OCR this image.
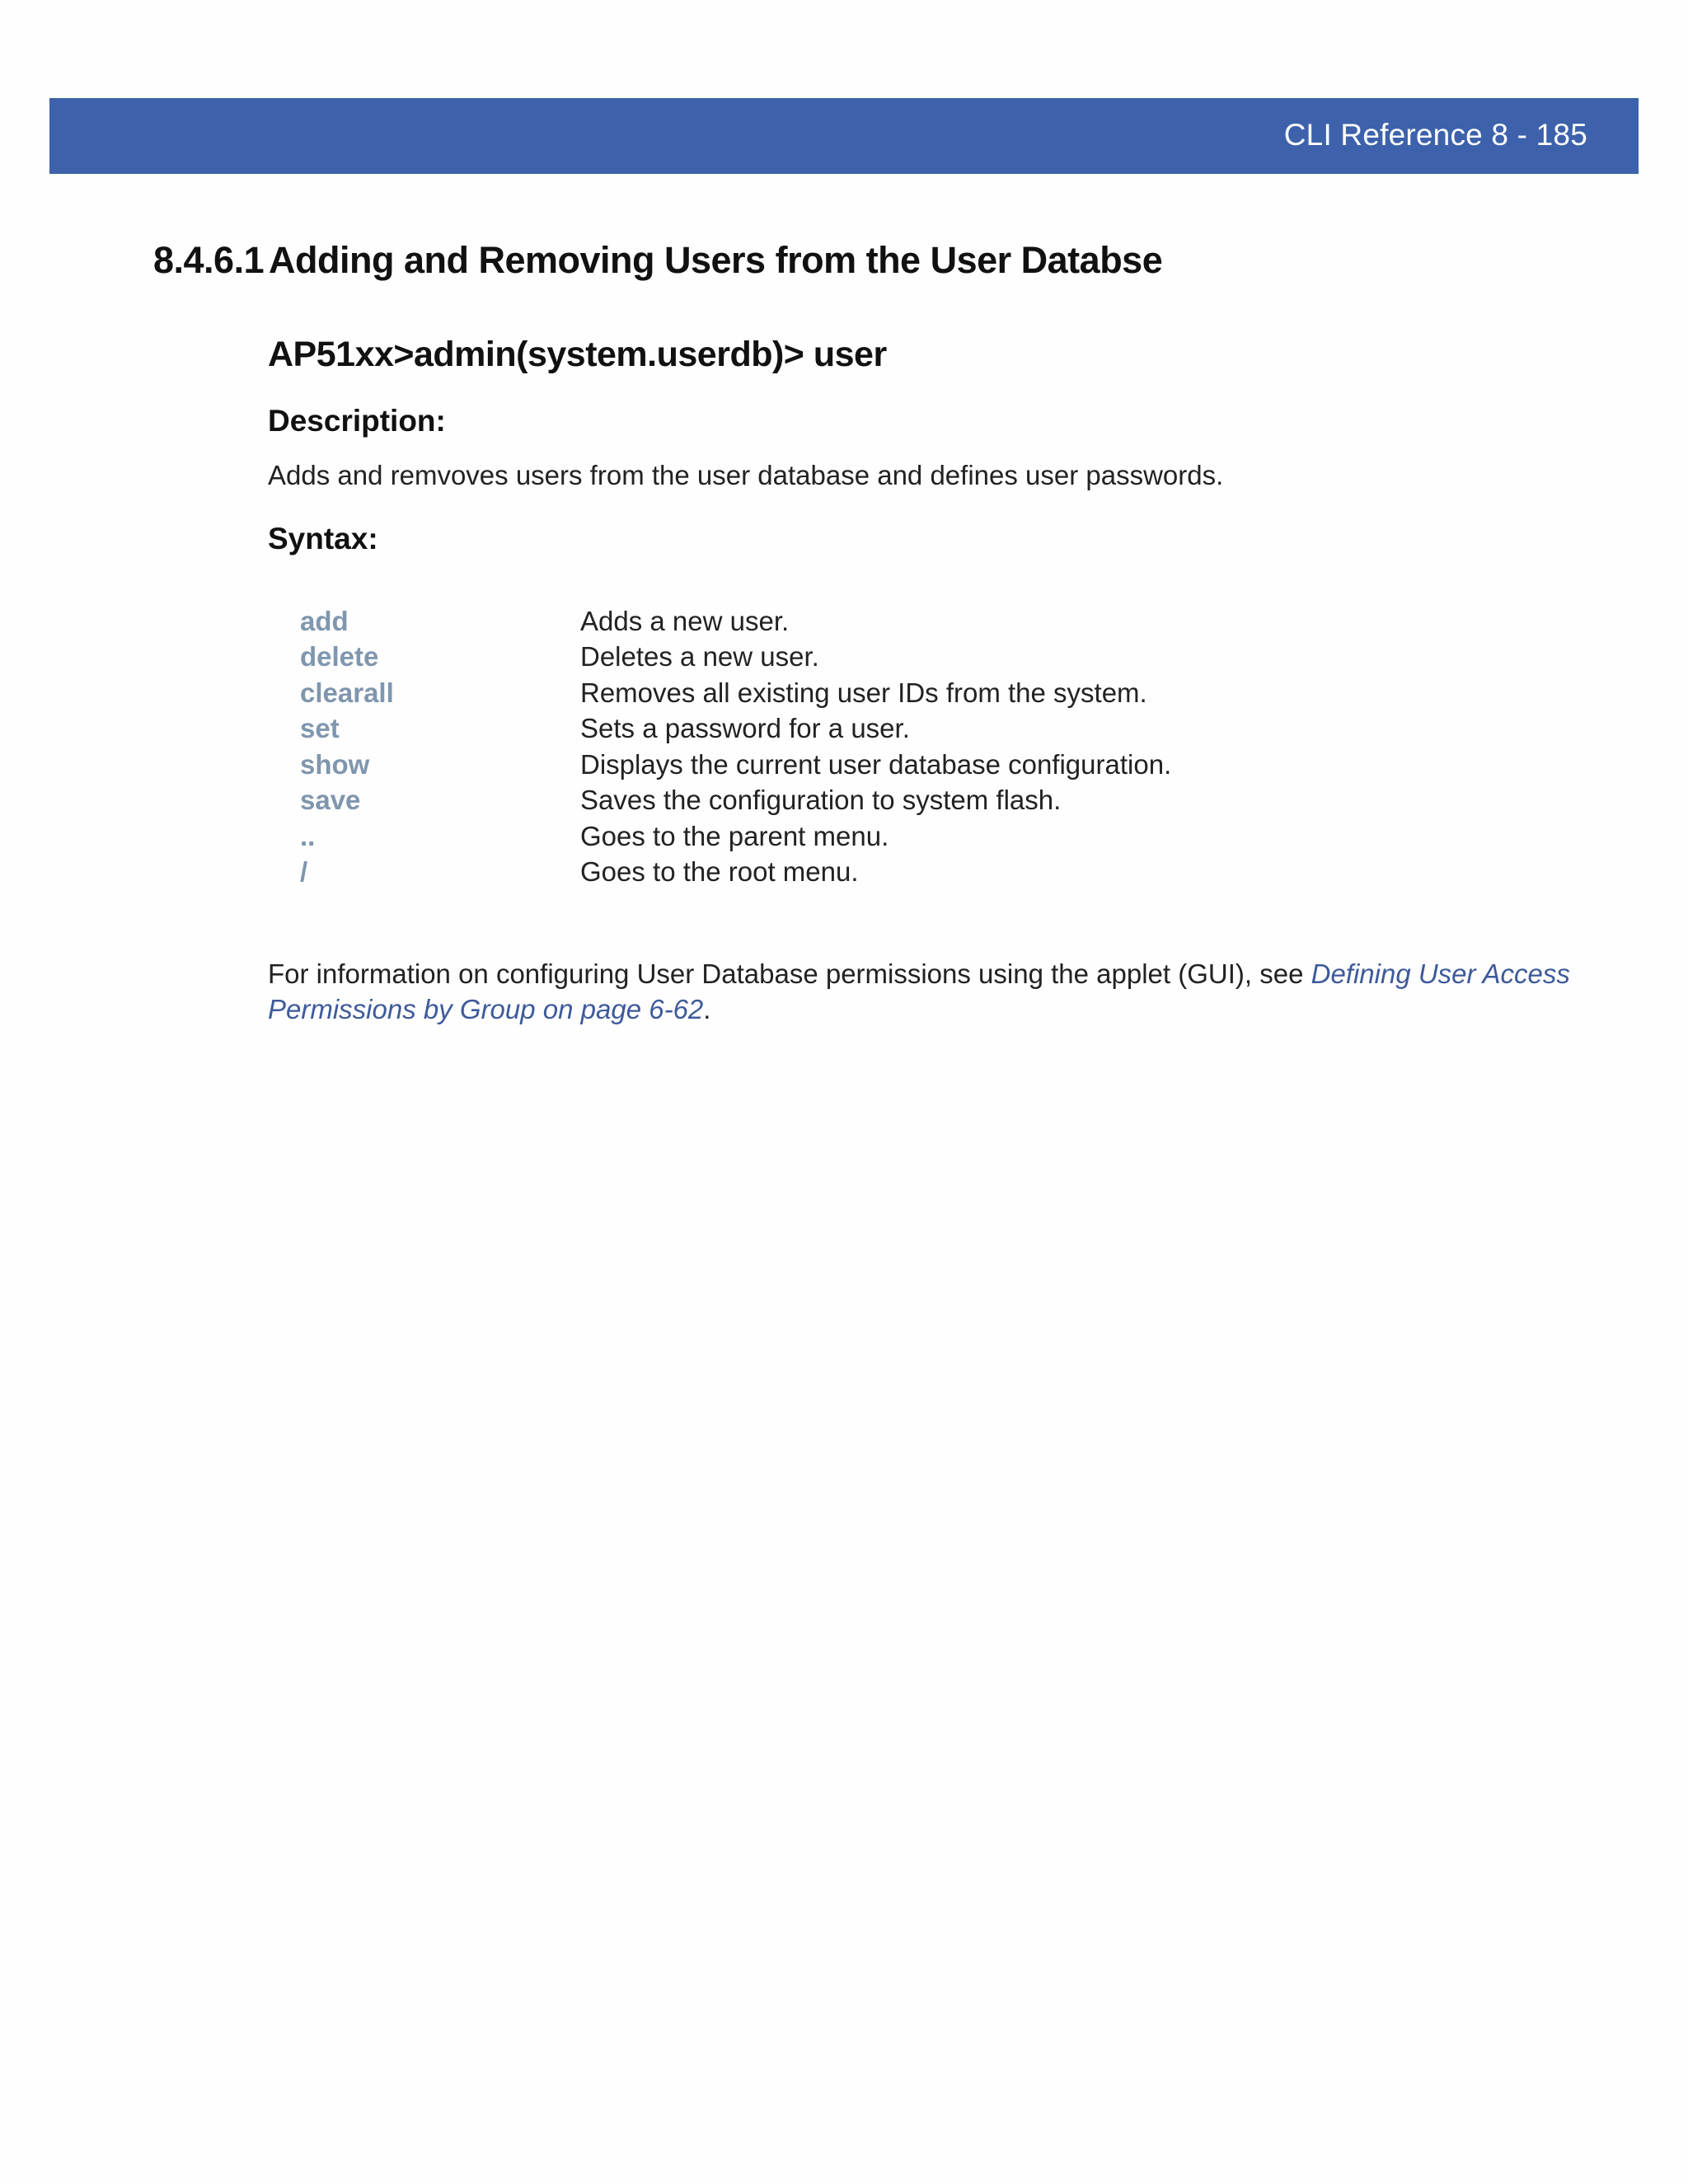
CLI Reference 8 - 185
8.4.6.1 Adding and Removing Users from the User Databse
AP51xx>admin(system.userdb)> user
Description:
Adds and remvoves users from the user database and defines user passwords.
Syntax:
add	Adds a new user.
delete	Deletes a new user.
clearall	Removes all existing user IDs from the system.
set	Sets a password for a user.
show	Displays the current user database configuration.
save	Saves the configuration to system flash.
..	Goes to the parent menu.
/	Goes to the root menu.
For information on configuring User Database permissions using the applet (GUI), see Defining User Access Permissions by Group on page 6-62.
